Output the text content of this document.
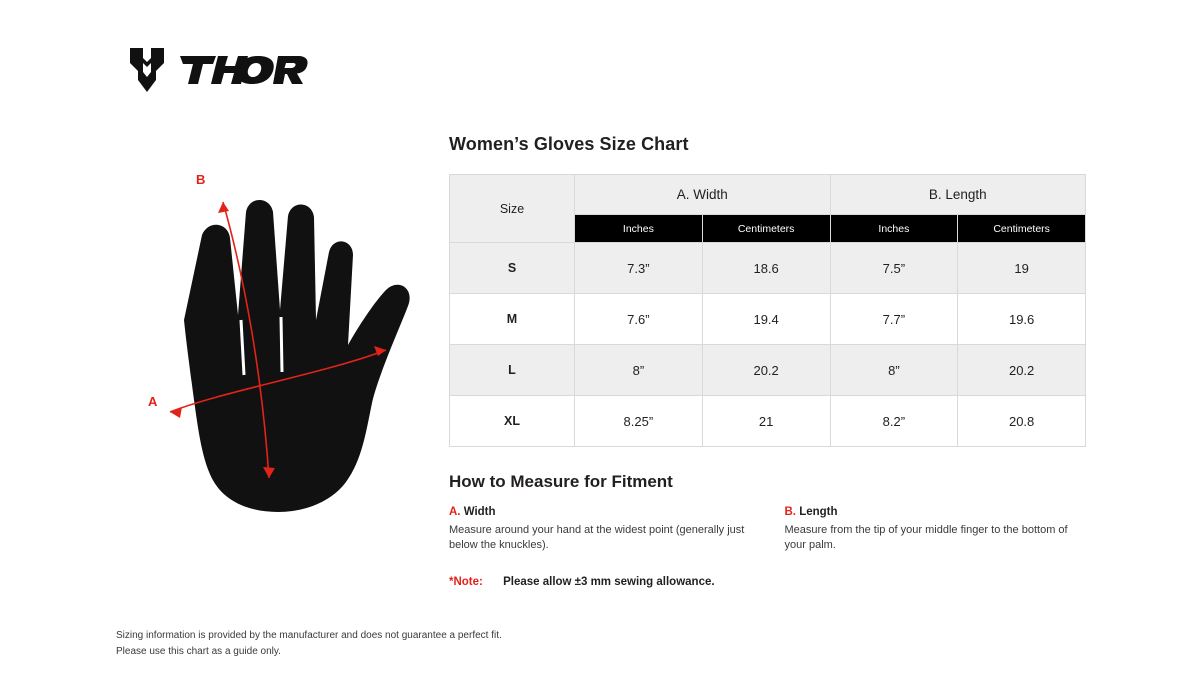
B
A
Women’s Gloves Size Chart
Size	A. Width		B. Length	
	Inches	Centimeters	Inches	Centimeters
S	7.3”	18.6	7.5”	19
M	7.6”	19.4	7.7”	19.6
L	8”	20.2	8”	20.2
XL	8.25”	21	8.2”	20.8
How to Measure for Fitment
A. Width
Measure around your hand at the widest point (generally just below the knuckles).
B. Length
Measure from the tip of your middle finger to the bottom of your palm.
*Note: Please allow ±3 mm sewing allowance.
Sizing information is provided by the manufacturer and does not guarantee a perfect fit.
Please use this chart as a guide only.
